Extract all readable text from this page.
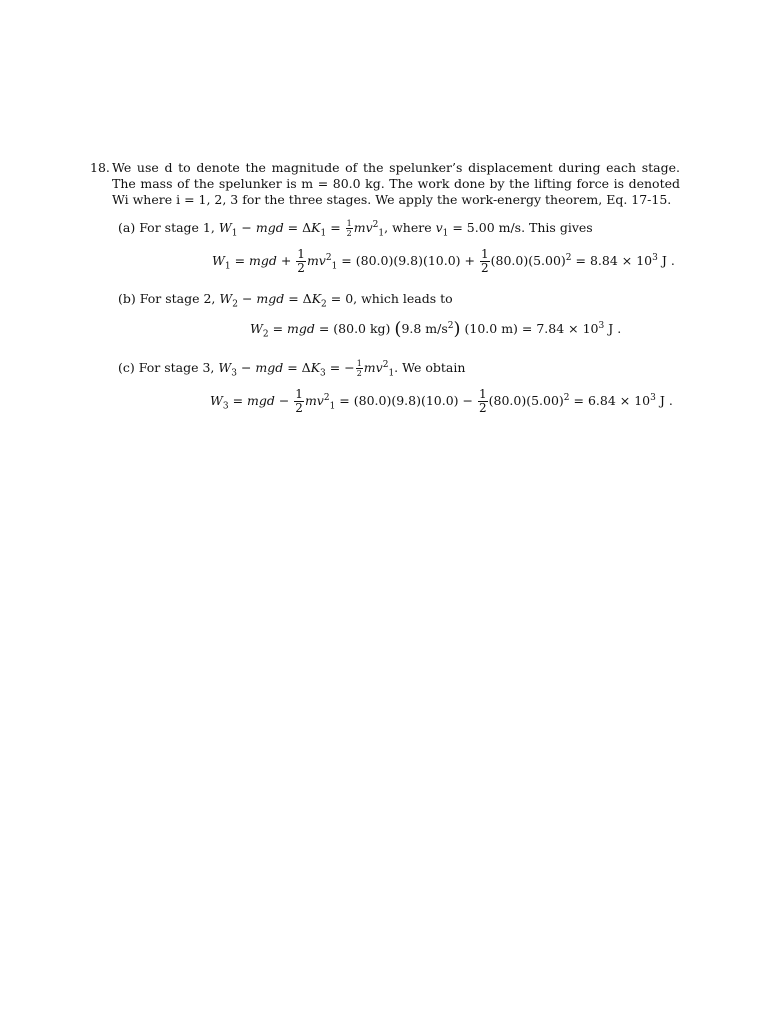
18. We use d to denote the magnitude of the spelunker’s displacement during each stage. The mass of the spelunker is m = 80.0 kg. The work done by the lifting force is denoted Wi where i = 1, 2, 3 for the three stages. We apply the work-energy theorem, Eq. 17-15.
(a) For stage 1, $W_1$ − mgd = $\Delta K_1 = \frac{1}{2} mv^2_1$, where $v_1 = 5.00$ m/s. This gives
$W_1$ = mgd + $\frac{1}{2} mv^2_1 = (80.0)(9.8)(10.0) + \frac{1}{2} (80.0)(5.00)^2 = 8.84 \times 10^3$ J .
(b) For stage 2, $W_2$ − mgd = $\Delta K_2 = 0$, which leads to
$W_2$ = mgd = (80.0 kg) (9.8 $m/s^2$) (10.0 $m) = 7.84 \times 10^3$ J .
(c) For stage 3, $W_3$ − mgd = $\Delta K_3$ = − $\frac{1}{2} mv^2_1$. We obtain
$W_3$ = mgd − $\frac{1}{2} mv^2_1 = (80.0)(9.8)(10.0) - \frac{1}{2} (80.0)(5.00)^2 = 6.84 \times 10^3$ J .
